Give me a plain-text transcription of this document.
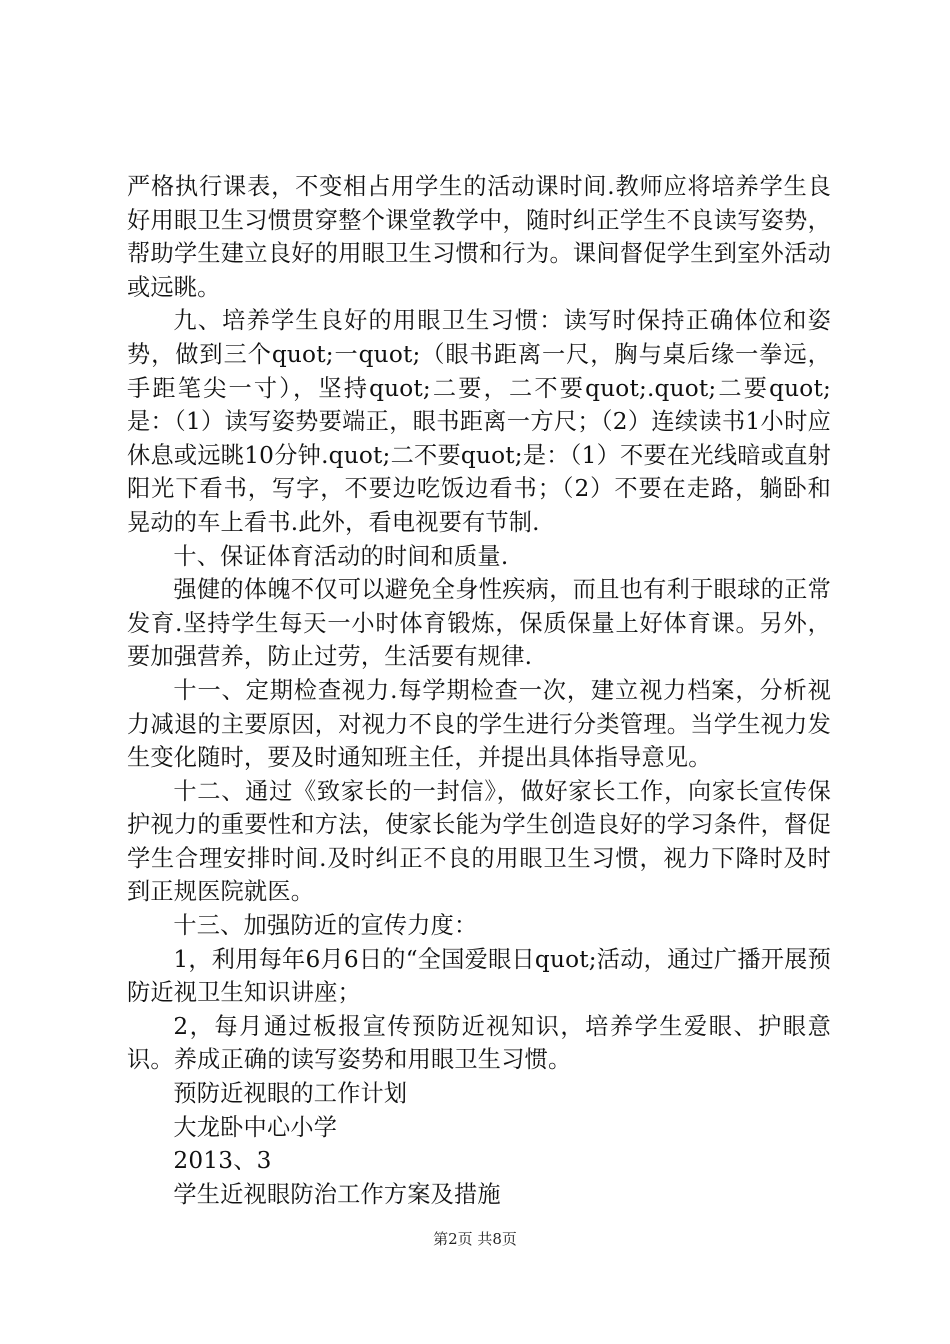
严格执行课表，不变相占用学生的活动课时间.教师应将培养学生良好用眼卫生习惯贯穿整个课堂教学中，随时纠正学生不良读写姿势，帮助学生建立良好的用眼卫生习惯和行为。课间督促学生到室外活动或远眺。

九、培养学生良好的用眼卫生习惯：读写时保持正确体位和姿势，做到三个quot;一quot;（眼书距离一尺，胸与桌后缘一拳远，手距笔尖一寸），坚持quot;二要，二不要quot;.quot;二要quot;是：（1）读写姿势要端正，眼书距离一方尺；（2）连续读书1小时应休息或远眺10分钟.quot;二不要quot;是：（1）不要在光线暗或直射阳光下看书，写字，不要边吃饭边看书；（2）不要在走路，躺卧和晃动的车上看书.此外，看电视要有节制.

十、保证体育活动的时间和质量.

强健的体魄不仅可以避免全身性疾病，而且也有利于眼球的正常发育.坚持学生每天一小时体育锻炼，保质保量上好体育课。另外，要加强营养，防止过劳，生活要有规律.

十一、定期检查视力.每学期检查一次，建立视力档案，分析视力减退的主要原因，对视力不良的学生进行分类管理。当学生视力发生变化随时，要及时通知班主任，并提出具体指导意见。

十二、通过《致家长的一封信》，做好家长工作，向家长宣传保护视力的重要性和方法，使家长能为学生创造良好的学习条件，督促学生合理安排时间.及时纠正不良的用眼卫生习惯，视力下降时及时到正规医院就医。

十三、加强防近的宣传力度：

1，利用每年6月6日的“全国爱眼日quot;活动，通过广播开展预防近视卫生知识讲座；

2，每月通过板报宣传预防近视知识，培养学生爱眼、护眼意识。养成正确的读写姿势和用眼卫生习惯。

预防近视眼的工作计划

大龙卧中心小学

2013、3

学生近视眼防治工作方案及措施

第2页 共8页
